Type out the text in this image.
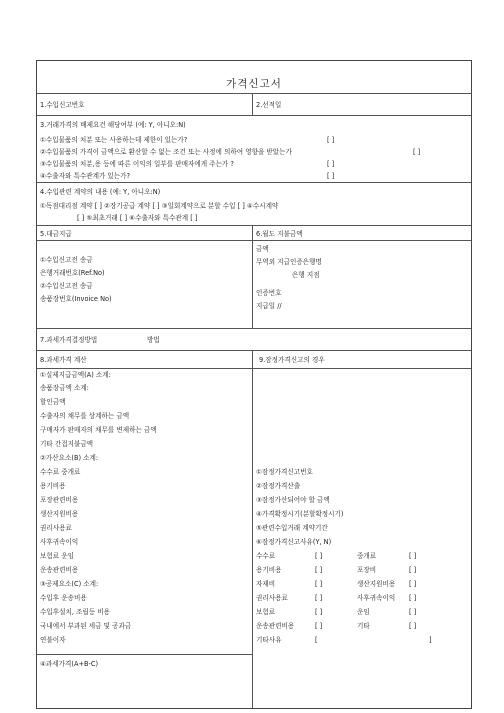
가격신고서
1.수입신고번호	2.선적일
3.거래가격의 배제요건 해당여부 (예: Y, 아니오:N)
①수입물품의 처분 또는 사용하는데 제한이 있는가?	[ ]
②수입물품의 가격이 금액으로 환산할 수 없는 조건 또는 사정에 의하여 영향을 받았는가	[ ]
③수입물품의 처분,용 등에 따른 이익의 일부를 판매자에게 주는가 ?	[ ]
④수출자와 특수관계가 있는가?	[ ]
4.수입관련 계약의 내용 (예: Y, 아니오:N)
①독점대리점 계약 [ ] ②장기공급 계약 [ ] ③일회계약으로 분할 수입 [ ] ④수시계약
[ ] ⑤최초거래 [ ] ⑥수출자와 특수관계 [ ]
5.대금지급
①수입신고전 송금
은행거래번호(Ref.No)
②수입신고전 송금
송품장번호(Invoice No)
6.월도 지불금액
금액
무역외 지급인증은행명
은행 지점
인증번호
지급일 //
7.과세가격결정방법	방법
8.과세가격 계산
①실제지급금액(A) 소계:
송품장금액 소계:
할인금액
수출자의 채무를 상계하는 금액
구매자가 판매자의 채무를 변제하는 금액
기타 간접지불금액
②가산요소(B) 소계:
수수료 중개료
용기비용
포장관련비용
생산지원비용
권리사용료
사후귀속이익
보험료 운임
운송관련비용
③공제요소(C) 소계:
수입후 운송비용
수입후설치, 조립등 비용
국내에서 부과된 세금 및 공과금
연불이자
④과세가격(A+B-C)
9.잠정가격신고의 경우
①잠정가격신고번호
②잠정가격산출
③잠정가산되어야 할 금액
④가격확정시기(분할확정시기)
⑤관련수입거래 계약기간
⑥잠정가격신고사유(Y, N)
수수료	[ ]	중개료	[ ]
용기비용	[ ]	포장비	[ ]
자재비	[ ]	생산지원비용 [ ]
권리사용료	[ ]	사후귀속이익 [ ]
보험료	[ ]	운임	[ ]
운송관련비용	[ ]	기타	[ ]
기타사유	[	]
